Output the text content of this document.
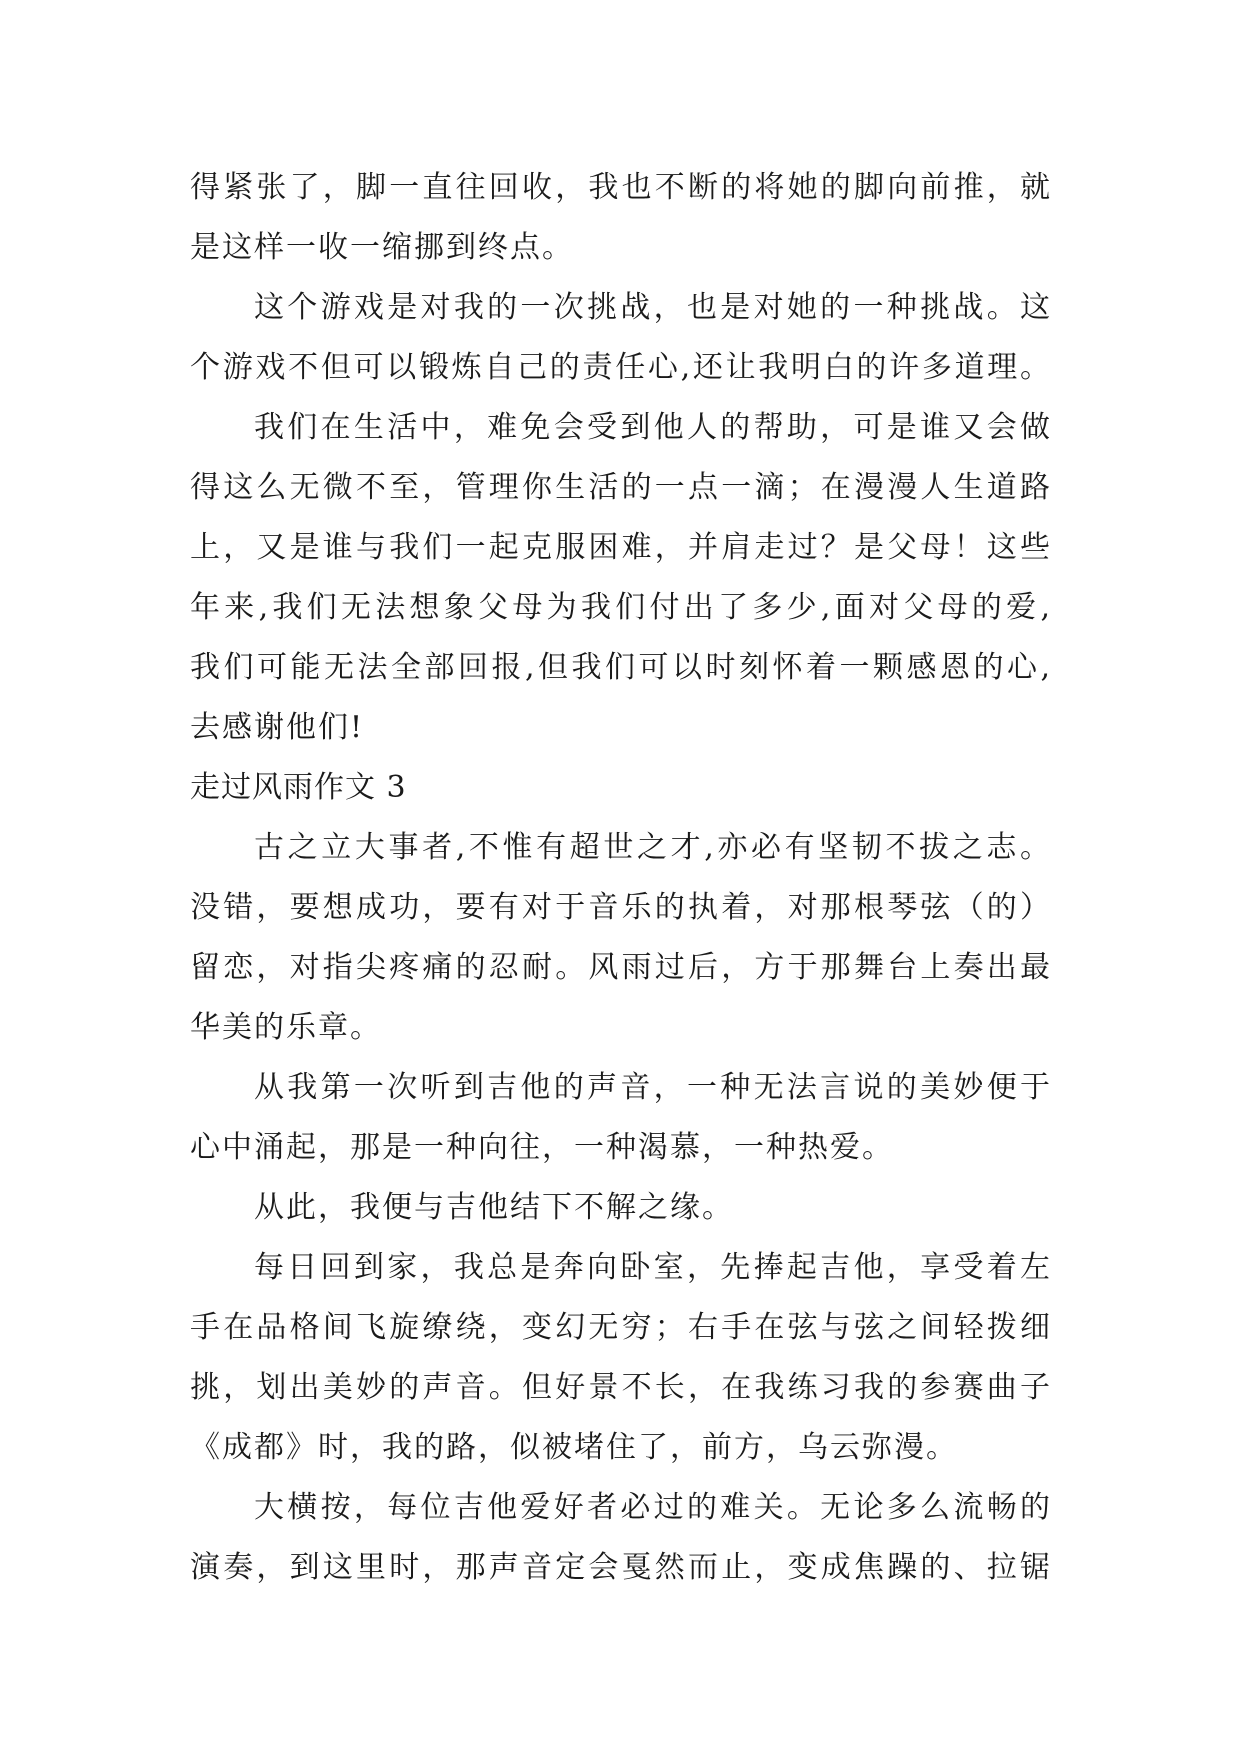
得紧张了，脚一直往回收，我也不断的将她的脚向前推，就
是这样一收一缩挪到终点。
这个游戏是对我的一次挑战，也是对她的一种挑战。这
个游戏不但可以锻炼自己的责任心,还让我明白的许多道理。
我们在生活中，难免会受到他人的帮助，可是谁又会做
得这么无微不至，管理你生活的一点一滴；在漫漫人生道路
上，又是谁与我们一起克服困难，并肩走过？是父母！这些
年来,我们无法想象父母为我们付出了多少,面对父母的爱,
我们可能无法全部回报,但我们可以时刻怀着一颗感恩的心,
去感谢他们!
走过风雨作文 3
古之立大事者,不惟有超世之才,亦必有坚韧不拔之志。
没错，要想成功，要有对于音乐的执着，对那根琴弦（的）
留恋，对指尖疼痛的忍耐。风雨过后，方于那舞台上奏出最
华美的乐章。
从我第一次听到吉他的声音，一种无法言说的美妙便于
心中涌起，那是一种向往，一种渴慕，一种热爱。
从此，我便与吉他结下不解之缘。
每日回到家，我总是奔向卧室，先捧起吉他，享受着左
手在品格间飞旋缭绕，变幻无穷；右手在弦与弦之间轻拨细
挑，划出美妙的声音。但好景不长，在我练习我的参赛曲子
《成都》时，我的路，似被堵住了，前方，乌云弥漫。
大横按，每位吉他爱好者必过的难关。无论多么流畅的
演奏，到这里时，那声音定会戛然而止，变成焦躁的、拉锯
